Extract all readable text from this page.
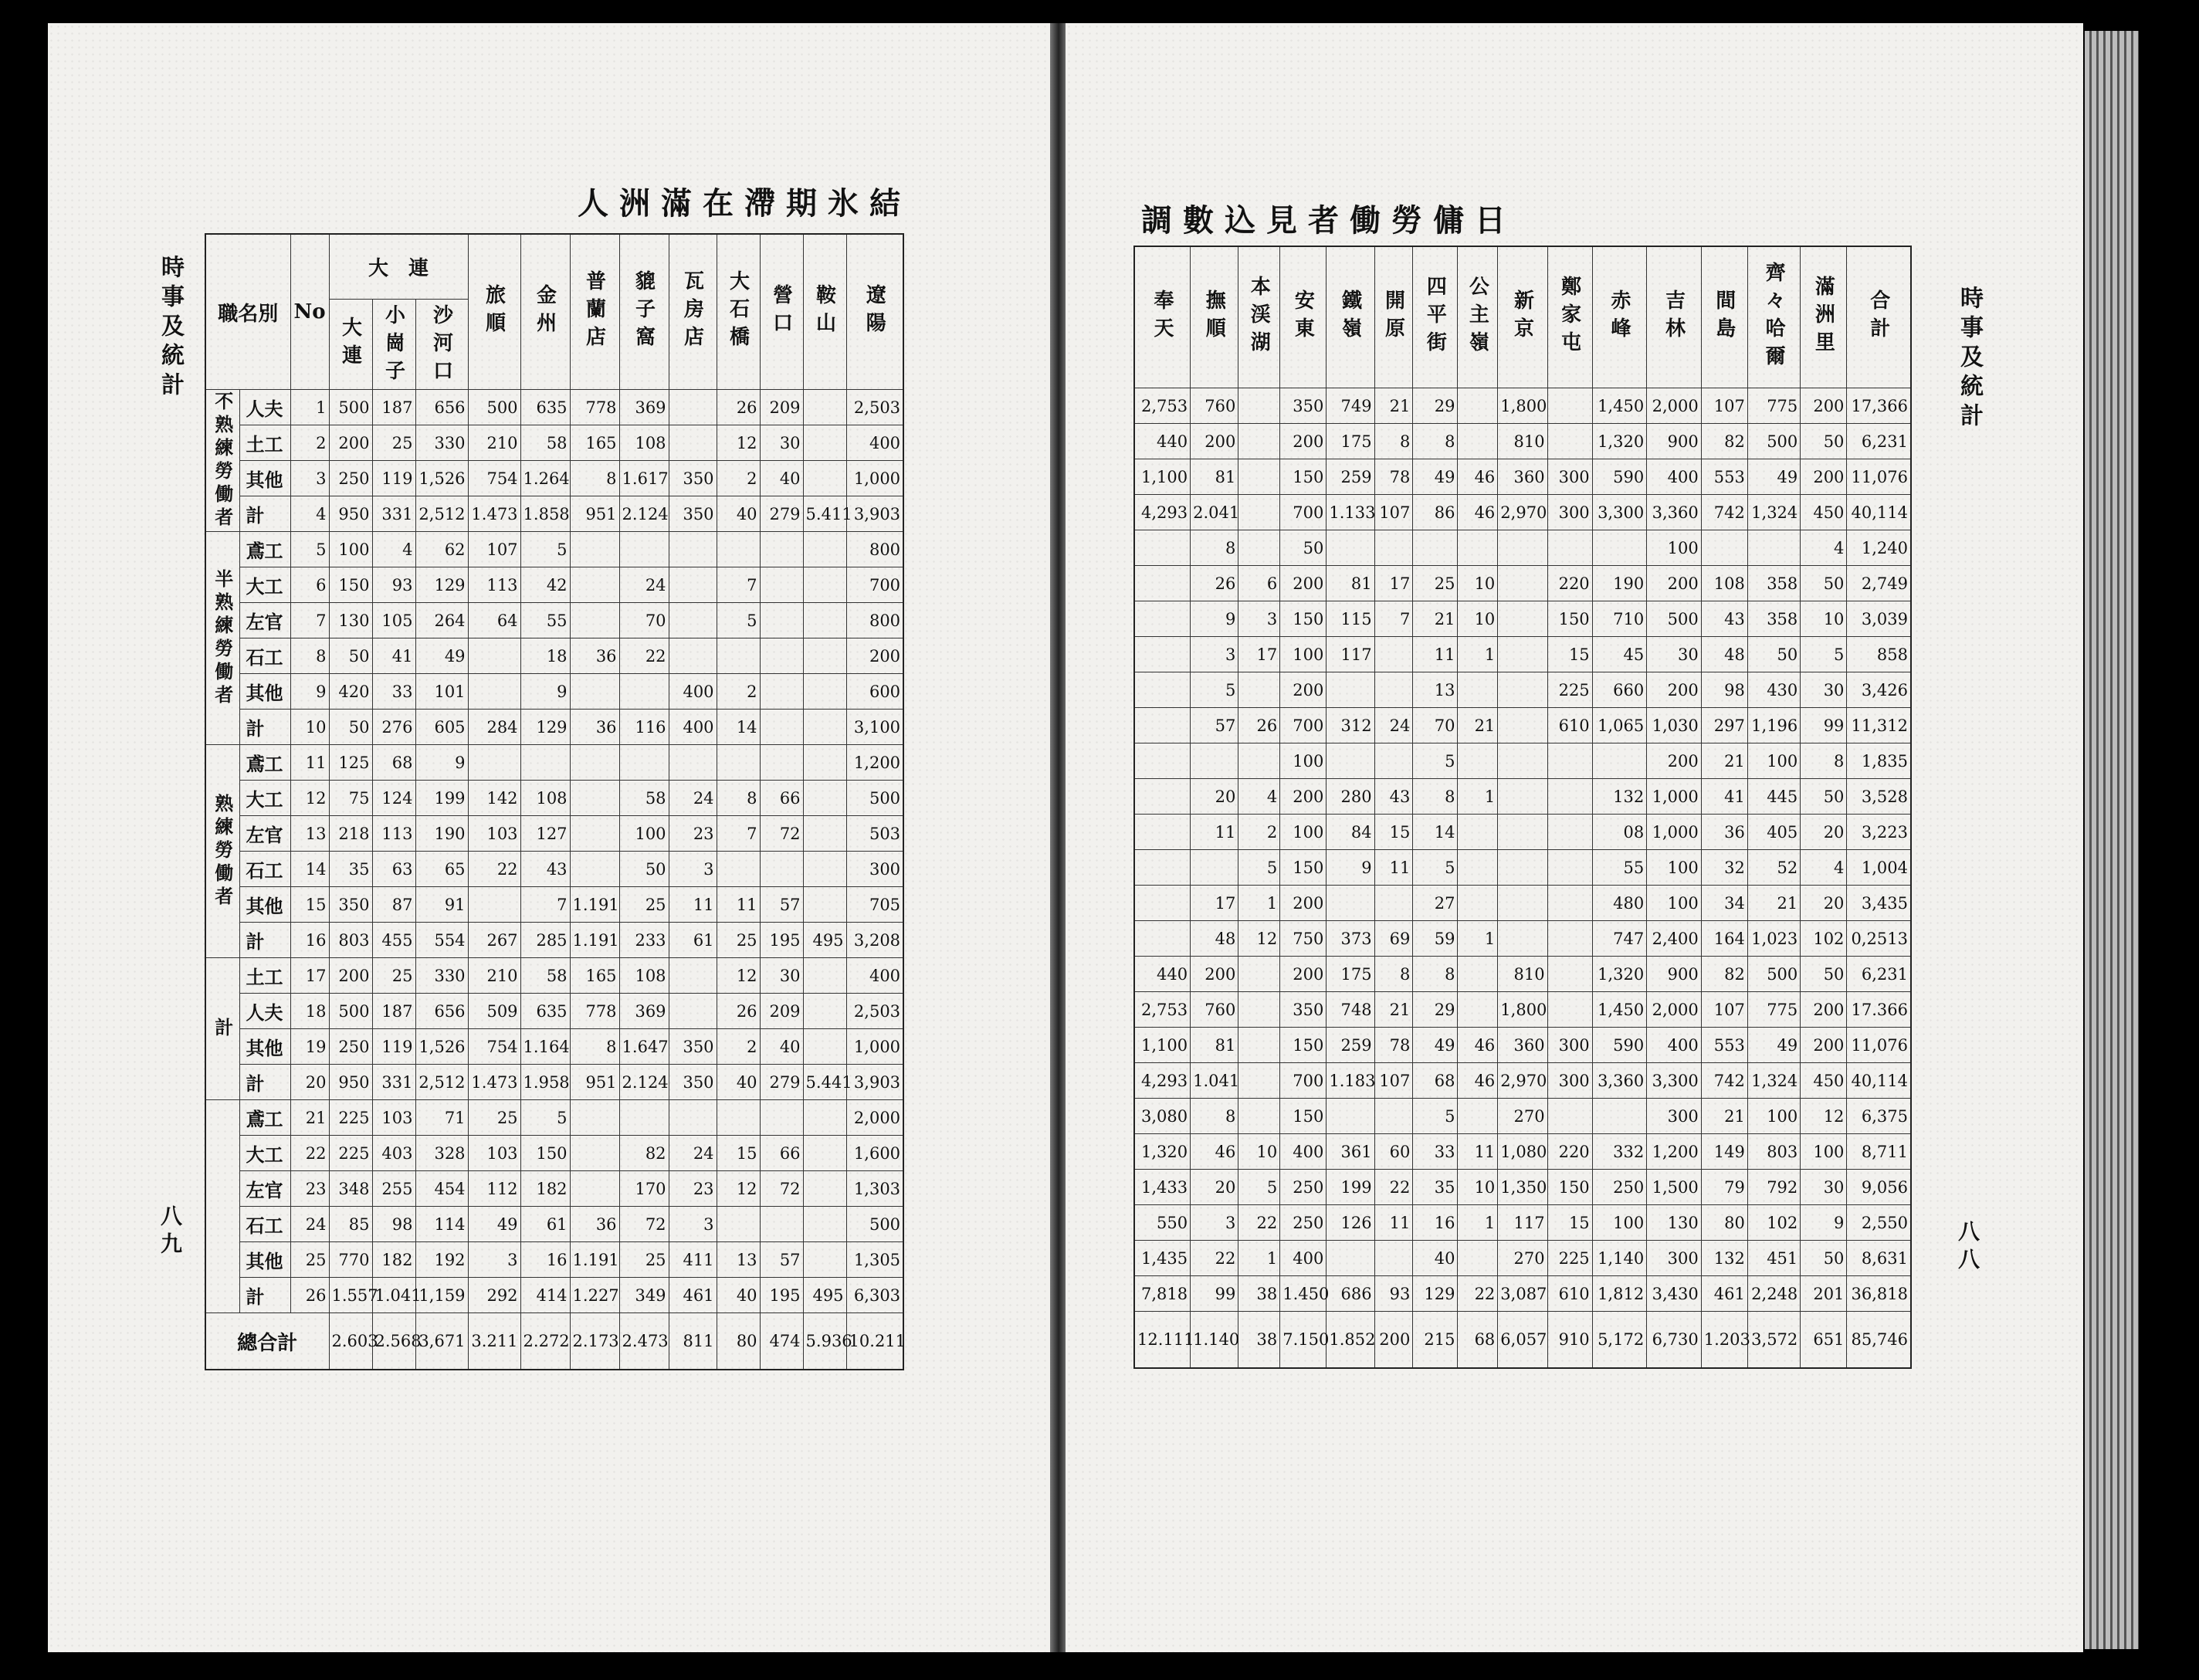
時事及統計
八九
時事及統計
八八
人洲滿在滯期氷結	調數込見者働勞傭日
職名別		No	大　連			旅順	金州	普蘭店	貔子窩	瓦房店	大石橋	營口	鞍山	遼陽
			大連	小崗子	沙河口									
不熟練勞働者	人夫	1	500	187	656	500	635	778	369		26	209		2,503
	土工	2	200	25	330	210	58	165	108		12	30		400
	其他	3	250	119	1,526	754	1.264	8	1.617	350	2	40		1,000
	計	4	950	331	2,512	1.473	1.858	951	2.124	350	40	279	5.411	3,903
半熟練勞働者	鳶工	5	100	4	62	107	5							800
	大工	6	150	93	129	113	42		24		7			700
	左官	7	130	105	264	64	55		70		5			800
	石工	8	50	41	49		18	36	22					200
	其他	9	420	33	101		9			400	2			600
	計	10	50	276	605	284	129	36	116	400	14			3,100
熟練勞働者	鳶工	11	125	68	9									1,200
	大工	12	75	124	199	142	108		58	24	8	66		500
	左官	13	218	113	190	103	127		100	23	7	72		503
	石工	14	35	63	65	22	43		50	3				300
	其他	15	350	87	91		7	1.191	25	11	11	57		705
	計	16	803	455	554	267	285	1.191	233	61	25	195	495	3,208
計	土工	17	200	25	330	210	58	165	108		12	30		400
	人夫	18	500	187	656	509	635	778	369		26	209		2,503
	其他	19	250	119	1,526	754	1.164	8	1.647	350	2	40		1,000
	計	20	950	331	2,512	1.473	1.958	951	2.124	350	40	279	5.441	3,903
	鳶工	21	225	103	71	25	5							2,000
	大工	22	225	403	328	103	150		82	24	15	66		1,600
	左官	23	348	255	454	112	182		170	23	12	72		1,303
	石工	24	85	98	114	49	61	36	72	3				500
	其他	25	770	182	192	3	16	1.191	25	411	13	57		1,305
	計	26	1.557	1.041	1,159	292	414	1.227	349	461	40	195	495	6,303
總合計			2.603	2.568	3,671	3.211	2.272	2.173	2.473	811	80	474	5.936	10.211
奉天	撫順	本渓湖	安東	鐵嶺	開原	四平街	公主嶺	新京	鄭家屯	赤峰	吉林	間島	齊々哈爾	滿洲里	合計
2,753	760		350	749	21	29		1,800		1,450	2,000	107	775	200	17,366
440	200		200	175	8	8		810		1,320	900	82	500	50	6,231
1,100	81		150	259	78	49	46	360	300	590	400	553	49	200	11,076
4,293	2.041		700	1.133	107	86	46	2,970	300	3,300	3,360	742	1,324	450	40,114
	8		50								100			4	1,240
	26	6	200	81	17	25	10		220	190	200	108	358	50	2,749
	9	3	150	115	7	21	10		150	710	500	43	358	10	3,039
	3	17	100	117		11	1		15	45	30	48	50	5	858
	5		200			13			225	660	200	98	430	30	3,426
	57	26	700	312	24	70	21		610	1,065	1,030	297	1,196	99	11,312
			100			5					200	21	100	8	1,835
	20	4	200	280	43	8	1			132	1,000	41	445	50	3,528
	11	2	100	84	15	14				08	1,000	36	405	20	3,223
		5	150	9	11	5				55	100	32	52	4	1,004
	17	1	200			27				480	100	34	21	20	3,435
	48	12	750	373	69	59	1			747	2,400	164	1,023	102	0,2513
440	200		200	175	8	8		810		1,320	900	82	500	50	6,231
2,753	760		350	748	21	29		1,800		1,450	2,000	107	775	200	17.366
1,100	81		150	259	78	49	46	360	300	590	400	553	49	200	11,076
4,293	1.041		700	1.183	107	68	46	2,970	300	3,360	3,300	742	1,324	450	40,114
3,080	8		150			5		270			300	21	100	12	6,375
1,320	46	10	400	361	60	33	11	1,080	220	332	1,200	149	803	100	8,711
1,433	20	5	250	199	22	35	10	1,350	150	250	1,500	79	792	30	9,056
550	3	22	250	126	11	16	1	117	15	100	130	80	102	9	2,550
1,435	22	1	400			40		270	225	1,140	300	132	451	50	8,631
7,818	99	38	1.450	686	93	129	22	3,087	610	1,812	3,430	461	2,248	201	36,818
12.111	1.140	38	7.150	1.852	200	215	68	6,057	910	5,172	6,730	1.203	3,572	651	85,746
